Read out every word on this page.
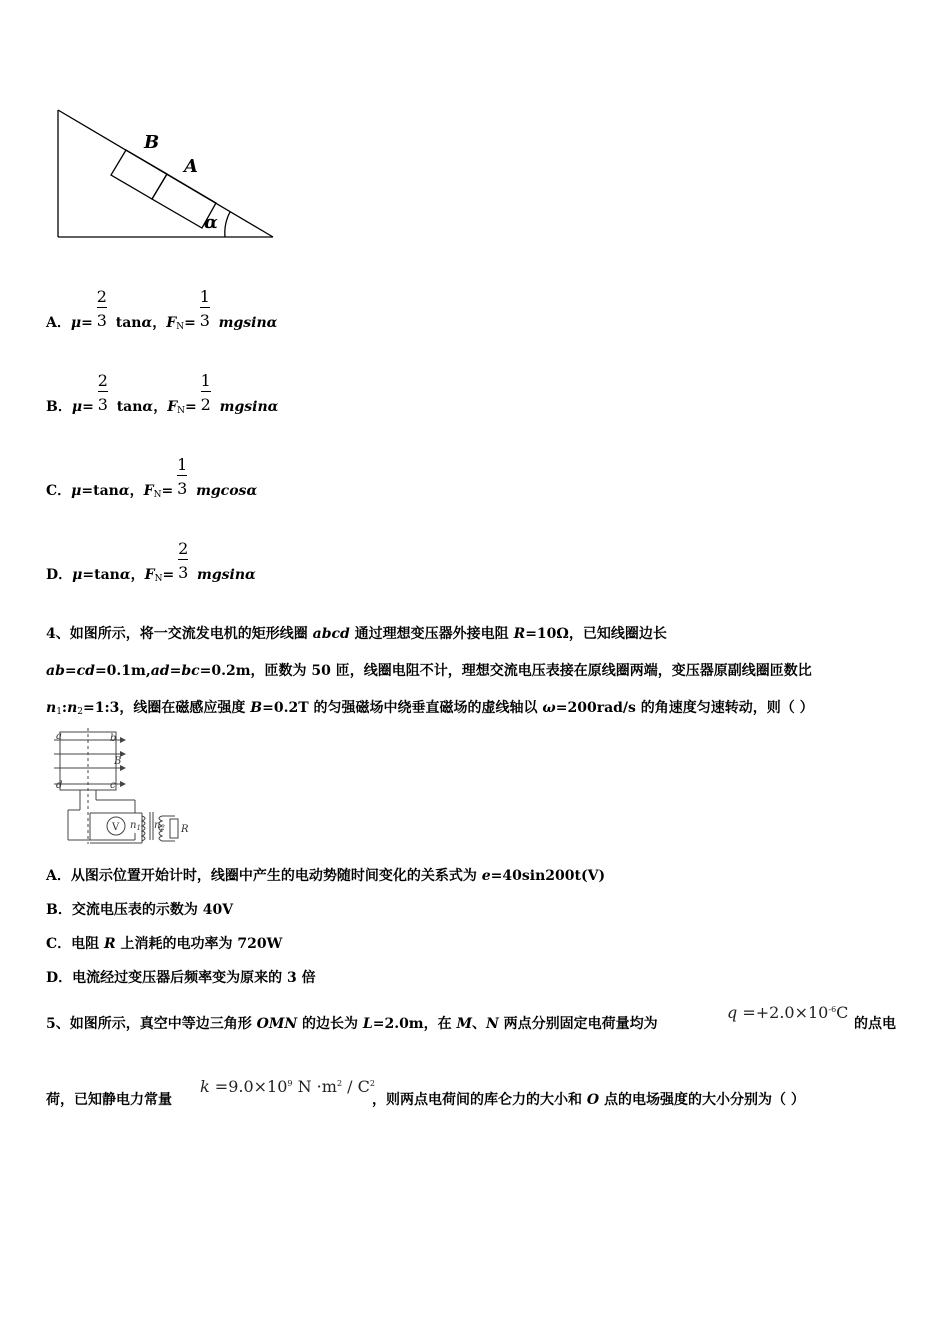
B
A
α
A．$\mu= \frac{2}{3}$ tanα，$F_N= \frac{1}{3}$ mgsinα
B．$\mu= \frac{2}{3}$ tanα，$F_N= \frac{1}{2}$ mgsinα
C．μ=tanα，$F_N= \frac{1}{3}$ mgcosα
D．μ=tanα，$F_N= \frac{2}{3}$ mgsinα
4、如图所示，将一交流发电机的矩形线圈 abcd 通过理想变压器外接电阻 R=10Ω，已知线圈边长
ab=cd=0.1m,ad=bc=0.2m，匝数为 50 匝，线圈电阻不计，理想交流电压表接在原线圈两端，变压器原副线圈匝数比
$n_1:n_2=1:3$，线圈在磁感应强度 B=0.2T 的匀强磁场中绕垂直磁场的虚线轴以 ω=200rad/s 的角速度匀速转动，则（ ）
a	b
B
d	c
V $n_1$ $n_2$ R
A．从图示位置开始计时，线圈中产生的电动势随时间变化的关系式为 e=40sin200t(V)
B．交流电压表的示数为 40V
C．电阻 R 上消耗的电功率为 720W
D．电流经过变压器后频率变为原来的 3 倍
5、如图所示，真空中等边三角形 OMN 的边长为 L=2.0m，在 M、N 两点分别固定电荷量均为
$q =+2.0\times 10^{-6}C$
的点电
荷，已知静电力常量
$k =9.0\times 10^9$ $N \cdot m^2 / C^2$
，则两点电荷间的库仑力的大小和 O 点的电场强度的大小分别为（ ）
